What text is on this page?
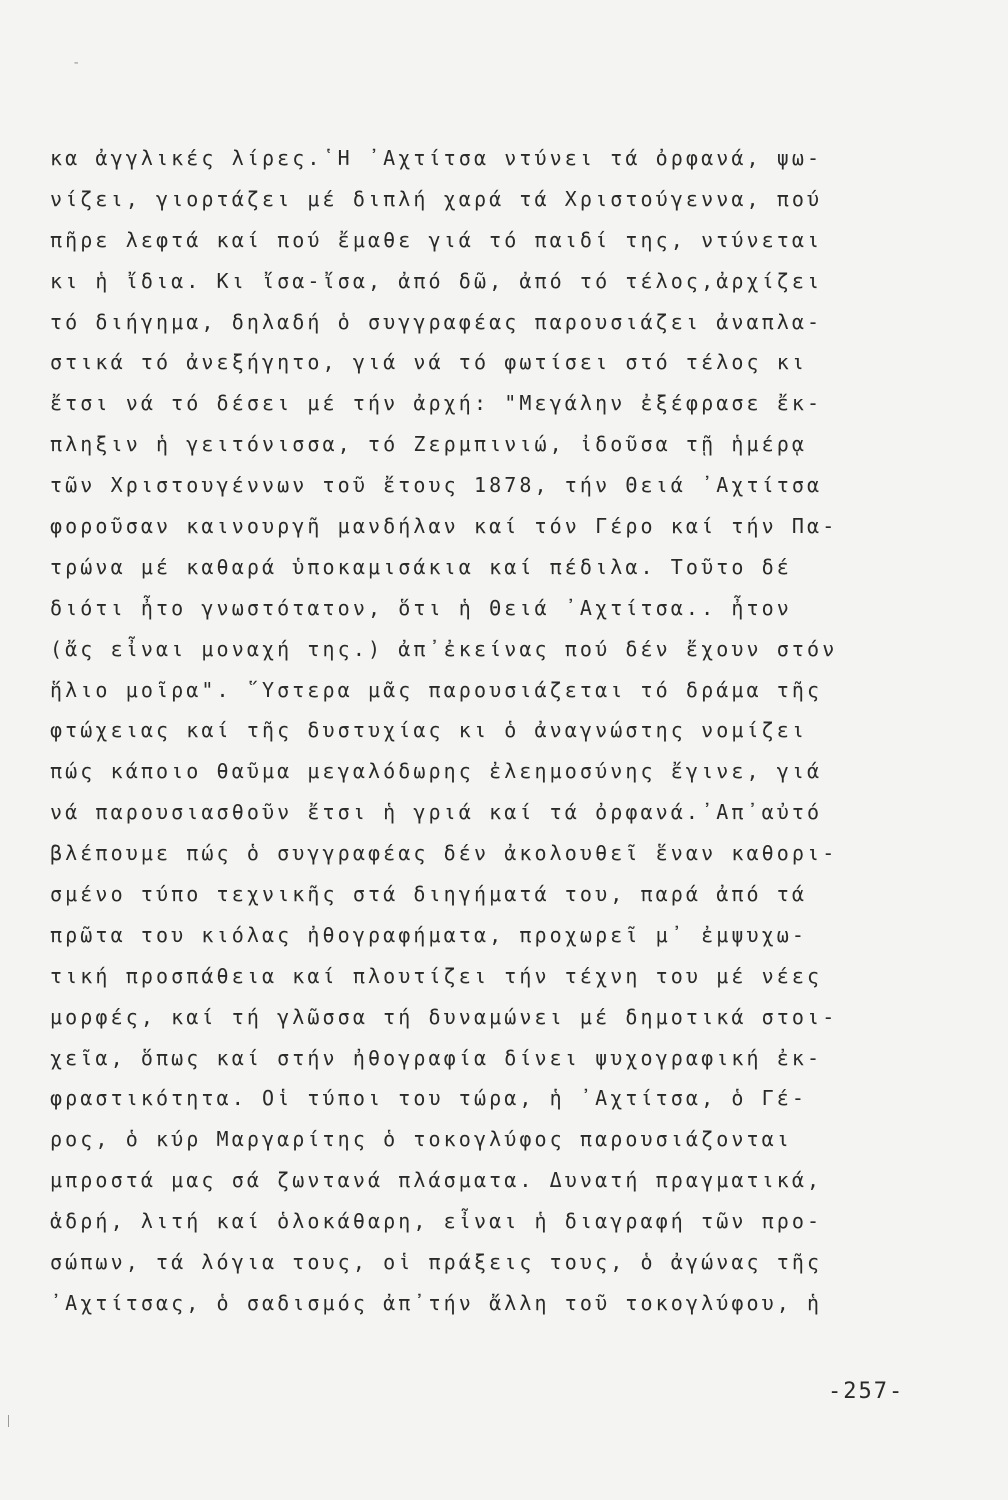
-
κα ἀγγλικές λίρες.῾Η ᾿Αχτίτσα ντύνει τά ὀρφανά, ψω-
νίζει, γιορτάζει μέ διπλή χαρά τά Χριστούγεννα, πού
πῆρε λεφτά καί πού ἔμαθε γιά τό παιδί της, ντύνεται
κι ἡ ἴδια. Κι ἴσα-ἴσα, ἀπό δῶ, ἀπό τό τέλος,ἀρχίζει
τό διήγημα, δηλαδή ὁ συγγραφέας παρουσιάζει ἀναπλα-
στικά τό ἀνεξήγητο, γιά νά τό φωτίσει στό τέλος κι
ἔτσι νά τό δέσει μέ τήν ἀρχή: "Μεγάλην ἐξέφρασε ἔκ-
πληξιν ἡ γειτόνισσα, τό Ζερμπινιώ, ἰδοῦσα τῇ ἡμέρᾳ
τῶν Χριστουγέννων τοῦ ἔτους 1878, τήν Θειά ᾿Αχτίτσα
φοροῦσαν καινουργῆ μανδήλαν καί τόν Γέρο καί τήν Πα-
τρώνα μέ καθαρά ὑποκαμισάκια καί πέδιλα. Τοῦτο δέ
διότι ἦτο γνωστότατον, ὅτι ἡ Θειά ᾿Αχτίτσα.. ἦτον
(ἄς εἶναι μοναχή της.) ἀπ᾿ἐκείνας πού δέν ἔχουν στόν
ἥλιο μοῖρα". ῞Υστερα μᾶς παρουσιάζεται τό δράμα τῆς
φτώχειας καί τῆς δυστυχίας κι ὁ ἀναγνώστης νομίζει
πώς κάποιο θαῦμα μεγαλόδωρης ἐλεημοσύνης ἔγινε, γιά
νά παρουσιασθοῦν ἔτσι ἡ γριά καί τά ὀρφανά.᾿Απ᾿αὐτό
βλέπουμε πώς ὁ συγγραφέας δέν ἀκολουθεῖ ἕναν καθορι-
σμένο τύπο τεχνικῆς στά διηγήματά του, παρά ἀπό τά
πρῶτα του κιόλας ἠθογραφήματα, προχωρεῖ μ᾿ ἐμψυχω-
τική προσπάθεια καί πλουτίζει τήν τέχνη του μέ νέες
μορφές, καί τή γλῶσσα τή δυναμώνει μέ δημοτικά στοι-
χεῖα, ὅπως καί στήν ἠθογραφία δίνει ψυχογραφική ἐκ-
φραστικότητα. Οἱ τύποι του τώρα, ἡ ᾿Αχτίτσα, ὁ Γέ-
ρος, ὁ κύρ Μαργαρίτης ὁ τοκογλύφος παρουσιάζονται
μπροστά μας σά ζωντανά πλάσματα. Δυνατή πραγματικά,
ἁδρή, λιτή καί ὁλοκάθαρη, εἶναι ἡ διαγραφή τῶν προ-
σώπων, τά λόγια τους, οἱ πράξεις τους, ὁ ἀγώνας τῆς
᾿Αχτίτσας, ὁ σαδισμός ἀπ᾿τήν ἄλλη τοῦ τοκογλύφου, ἡ
-257-
